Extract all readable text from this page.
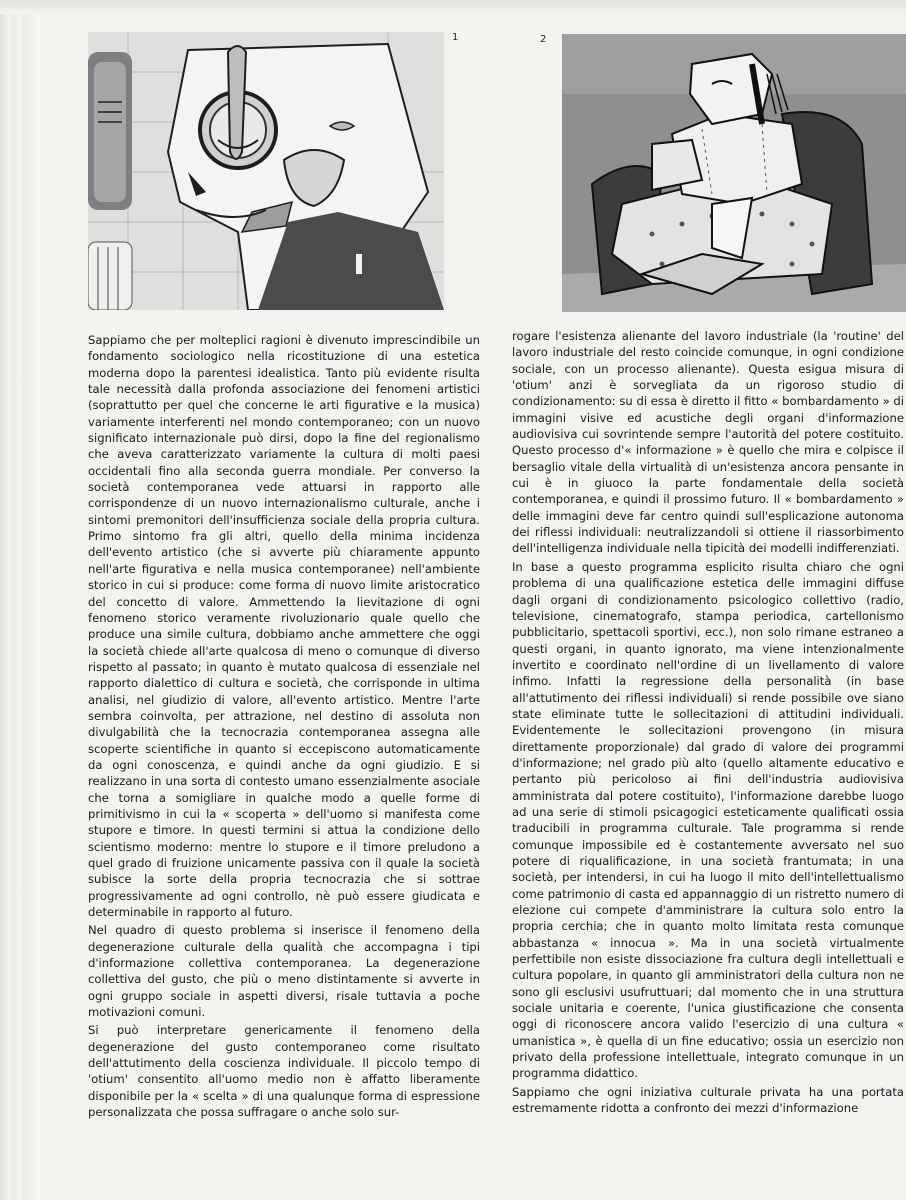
1	2

Sappiamo che per molteplici ragioni è divenuto imprescindibile un fondamento sociologico nella ricostituzione di una estetica moderna dopo la parentesi idealistica. Tanto più evidente risulta tale necessità dalla profonda associazione dei fenomeni artistici (soprattutto per quel che concerne le arti figurative e la musica) variamente interferenti nel mondo contemporaneo; con un nuovo significato internazionale può dirsi, dopo la fine del regionalismo che aveva caratterizzato variamente la cultura di molti paesi occidentali fino alla seconda guerra mondiale. Per converso la società contemporanea vede attuarsi in rapporto alle corrispondenze di un nuovo internazionalismo culturale, anche i sintomi premonitori dell'insufficienza sociale della propria cultura. Primo sintomo fra gli altri, quello della minima incidenza dell'evento artistico (che si avverte più chiaramente appunto nell'arte figurativa e nella musica contemporanee) nell'ambiente storico in cui si produce: come forma di nuovo limite aristocratico del concetto di valore. Ammettendo la lievitazione di ogni fenomeno storico veramente rivoluzionario quale quello che produce una simile cultura, dobbiamo anche ammettere che oggi la società chiede all'arte qualcosa di meno o comunque di diverso rispetto al passato; in quanto è mutato qualcosa di essenziale nel rapporto dialettico di cultura e società, che corrisponde in ultima analisi, nel giudizio di valore, all'evento artistico. Mentre l'arte sembra coinvolta, per attrazione, nel destino di assoluta non divulgabilità che la tecnocrazia contemporanea assegna alle scoperte scientifiche in quanto si eccepiscono automaticamente da ogni conoscenza, e quindi anche da ogni giudizio. E si realizzano in una sorta di contesto umano essenzialmente asociale che torna a somigliare in qualche modo a quelle forme di primitivismo in cui la « scoperta » dell'uomo si manifesta come stupore e timore. In questi termini si attua la condizione dello scientismo moderno: mentre lo stupore e il timore preludono a quel grado di fruizione unicamente passiva con il quale la società subisce la sorte della propria tecnocrazia che si sottrae progressivamente ad ogni controllo, nè può essere giudicata e determinabile in rapporto al futuro.

Nel quadro di questo problema si inserisce il fenomeno della degenerazione culturale della qualità che accompagna i tipi d'informazione collettiva contemporanea. La degenerazione collettiva del gusto, che più o meno distintamente si avverte in ogni gruppo sociale in aspetti diversi, risale tuttavia a poche motivazioni comuni.

Si può interpretare genericamente il fenomeno della degenerazione del gusto contemporaneo come risultato dell'attutimento della coscienza individuale. Il piccolo tempo di 'otium' consentito all'uomo medio non è affatto liberamente disponibile per la « scelta » di una qualunque forma di espressione personalizzata che possa suffragare o anche solo sur-

rogare l'esistenza alienante del lavoro industriale (la 'routine' del lavoro industriale del resto coincide comunque, in ogni condizione sociale, con un processo alienante). Questa esigua misura di 'otium' anzi è sorvegliata da un rigoroso studio di condizionamento: su di essa è diretto il fitto « bombardamento » di immagini visive ed acustiche degli organi d'informazione audiovisiva cui sovrintende sempre l'autorità del potere costituito. Questo processo d'« informazione » è quello che mira e colpisce il bersaglio vitale della virtualità di un'esistenza ancora pensante in cui è in giuoco la parte fondamentale della società contemporanea, e quindi il prossimo futuro. Il « bombardamento » delle immagini deve far centro quindi sull'esplicazione autonoma dei riflessi individuali: neutralizzandoli si ottiene il riassorbimento dell'intelligenza individuale nella tipicità dei modelli indifferenziati.

In base a questo programma esplicito risulta chiaro che ogni problema di una qualificazione estetica delle immagini diffuse dagli organi di condizionamento psicologico collettivo (radio, televisione, cinematografo, stampa periodica, cartellonismo pubblicitario, spettacoli sportivi, ecc.), non solo rimane estraneo a questi organi, in quanto ignorato, ma viene intenzionalmente invertito e coordinato nell'ordine di un livellamento di valore infimo. Infatti la regressione della personalità (in base all'attutimento dei riflessi individuali) si rende possibile ove siano state eliminate tutte le sollecitazioni di attitudini individuali. Evidentemente le sollecitazioni provengono (in misura direttamente proporzionale) dal grado di valore dei programmi d'informazione; nel grado più alto (quello altamente educativo e pertanto più pericoloso ai fini dell'industria audiovisiva amministrata dal potere costituito), l'informazione darebbe luogo ad una serie di stimoli psicagogici esteticamente qualificati ossia traducibili in programma culturale. Tale programma si rende comunque impossibile ed è costantemente avversato nel suo potere di riqualificazione, in una società frantumata; in una società, per intendersi, in cui ha luogo il mito dell'intellettualismo come patrimonio di casta ed appannaggio di un ristretto numero di elezione cui compete d'amministrare la cultura solo entro la propria cerchia; che in quanto molto limitata resta comunque abbastanza « innocua ». Ma in una società virtualmente perfettibile non esiste dissociazione fra cultura degli intellettuali e cultura popolare, in quanto gli amministratori della cultura non ne sono gli esclusivi usufruttuari; dal momento che in una struttura sociale unitaria e coerente, l'unica giustificazione che consenta oggi di riconoscere ancora valido l'esercizio di una cultura « umanistica », è quella di un fine educativo; ossia un esercizio non privato della professione intellettuale, integrato comunque in un programma didattico.

Sappiamo che ogni iniziativa culturale privata ha una portata estremamente ridotta a confronto dei mezzi d'informazione
